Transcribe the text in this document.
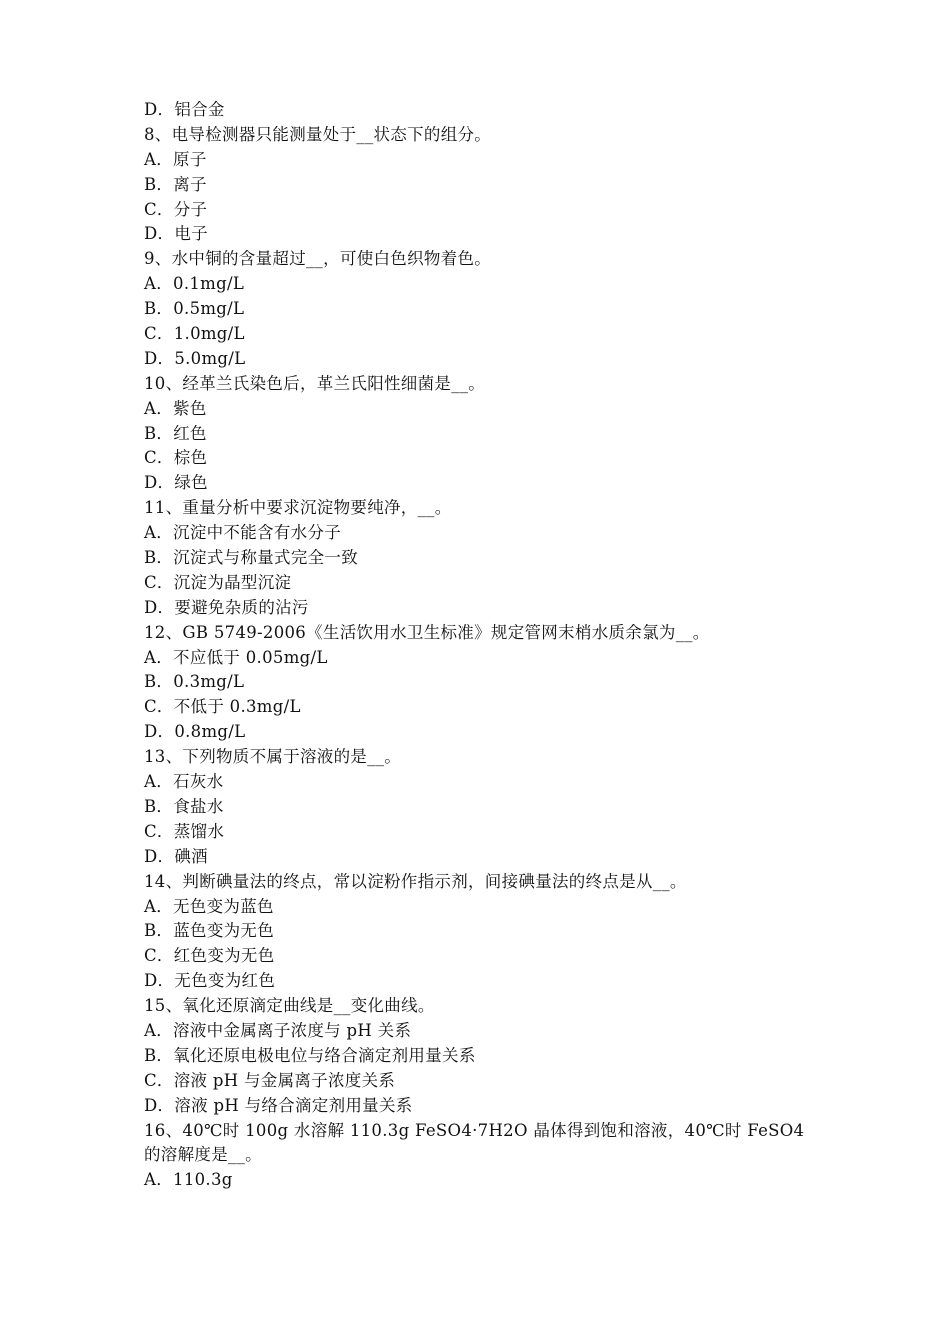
D．铝合金
8、电导检测器只能测量处于__状态下的组分。
A．原子
B．离子
C．分子
D．电子
9、水中铜的含量超过__，可使白色织物着色。
A．0.1mg/L
B．0.5mg/L
C．1.0mg/L
D．5.0mg/L
10、经革兰氏染色后，革兰氏阳性细菌是__。
A．紫色
B．红色
C．棕色
D．绿色
11、重量分析中要求沉淀物要纯净，__。
A．沉淀中不能含有水分子
B．沉淀式与称量式完全一致
C．沉淀为晶型沉淀
D．要避免杂质的沾污
12、GB 5749-2006《生活饮用水卫生标准》规定管网末梢水质余氯为__。
A．不应低于 0.05mg/L
B．0.3mg/L
C．不低于 0.3mg/L
D．0.8mg/L
13、下列物质不属于溶液的是__。
A．石灰水
B．食盐水
C．蒸馏水
D．碘酒
14、判断碘量法的终点，常以淀粉作指示剂，间接碘量法的终点是从__。
A．无色变为蓝色
B．蓝色变为无色
C．红色变为无色
D．无色变为红色
15、氧化还原滴定曲线是__变化曲线。
A．溶液中金属离子浓度与 pH 关系
B．氧化还原电极电位与络合滴定剂用量关系
C．溶液 pH 与金属离子浓度关系
D．溶液 pH 与络合滴定剂用量关系
16、40℃时 100g 水溶解 110.3g FeSO4·7H2O 晶体得到饱和溶液，40℃时 FeSO4
的溶解度是__。
A．110.3g
